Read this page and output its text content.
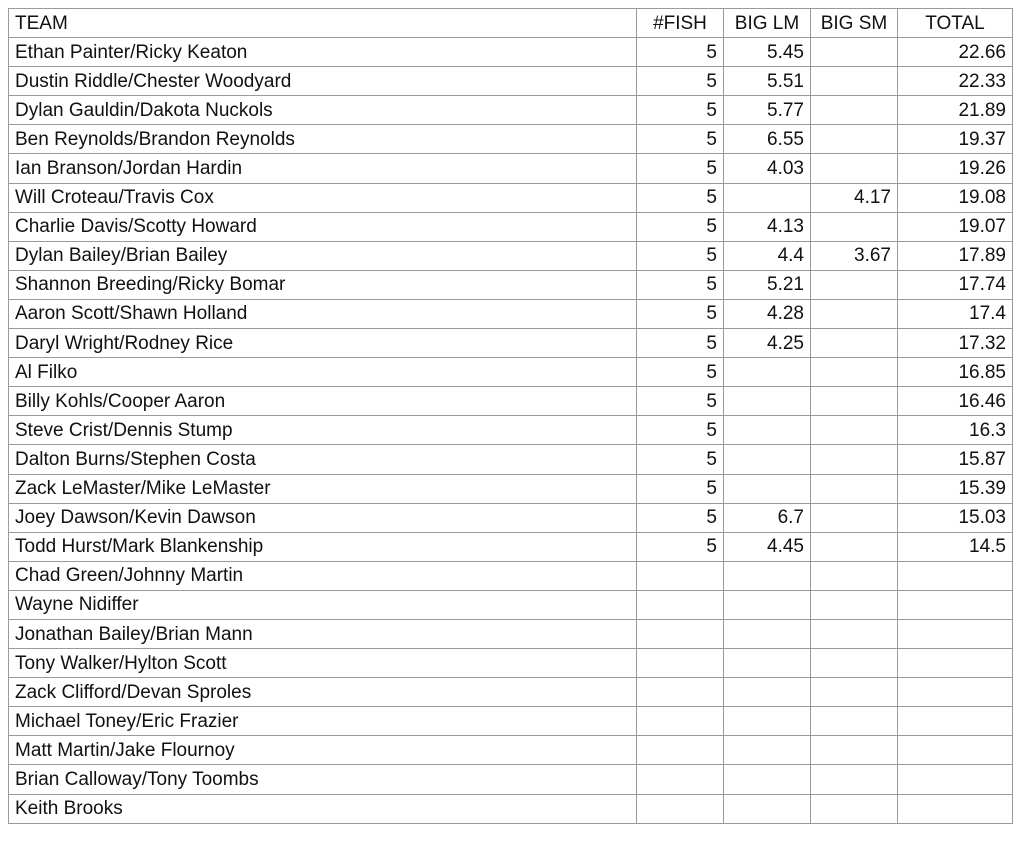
TEAM	#FISH	BIG LM	BIG SM	TOTAL
Ethan Painter/Ricky Keaton	5	5.45		22.66
Dustin Riddle/Chester Woodyard	5	5.51		22.33
Dylan Gauldin/Dakota Nuckols	5	5.77		21.89
Ben Reynolds/Brandon Reynolds	5	6.55		19.37
Ian Branson/Jordan Hardin	5	4.03		19.26
Will Croteau/Travis Cox	5		4.17	19.08
Charlie Davis/Scotty Howard	5	4.13		19.07
Dylan Bailey/Brian Bailey	5	4.4	3.67	17.89
Shannon Breeding/Ricky Bomar	5	5.21		17.74
Aaron Scott/Shawn Holland	5	4.28		17.4
Daryl Wright/Rodney Rice	5	4.25		17.32
Al Filko	5			16.85
Billy Kohls/Cooper Aaron	5			16.46
Steve Crist/Dennis Stump	5			16.3
Dalton Burns/Stephen Costa	5			15.87
Zack LeMaster/Mike LeMaster	5			15.39
Joey Dawson/Kevin Dawson	5	6.7		15.03
Todd Hurst/Mark Blankenship	5	4.45		14.5
Chad Green/Johnny Martin				
Wayne Nidiffer				
Jonathan Bailey/Brian Mann				
Tony Walker/Hylton Scott				
Zack Clifford/Devan Sproles				
Michael Toney/Eric Frazier				
Matt Martin/Jake Flournoy				
Brian Calloway/Tony Toombs				
Keith Brooks				
